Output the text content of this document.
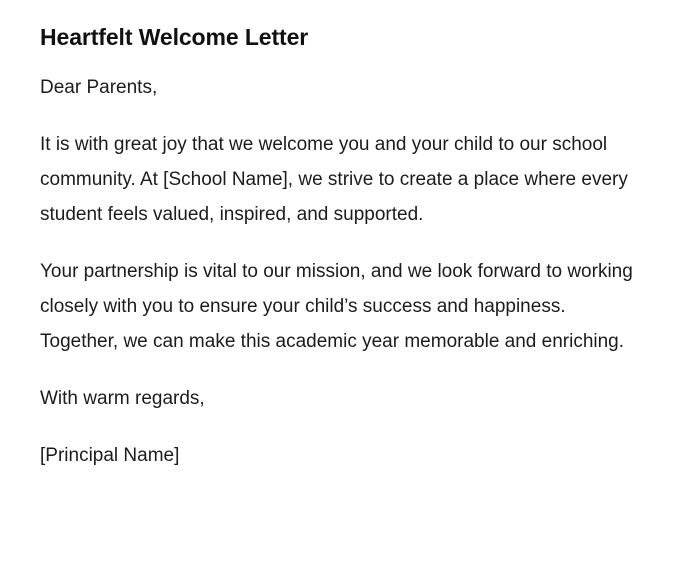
Heartfelt Welcome Letter

Dear Parents,

It is with great joy that we welcome you and your child to our school community. At [School Name], we strive to create a place where every student feels valued, inspired, and supported.

Your partnership is vital to our mission, and we look forward to working closely with you to ensure your child’s success and happiness. Together, we can make this academic year memorable and enriching.

With warm regards,

[Principal Name]
